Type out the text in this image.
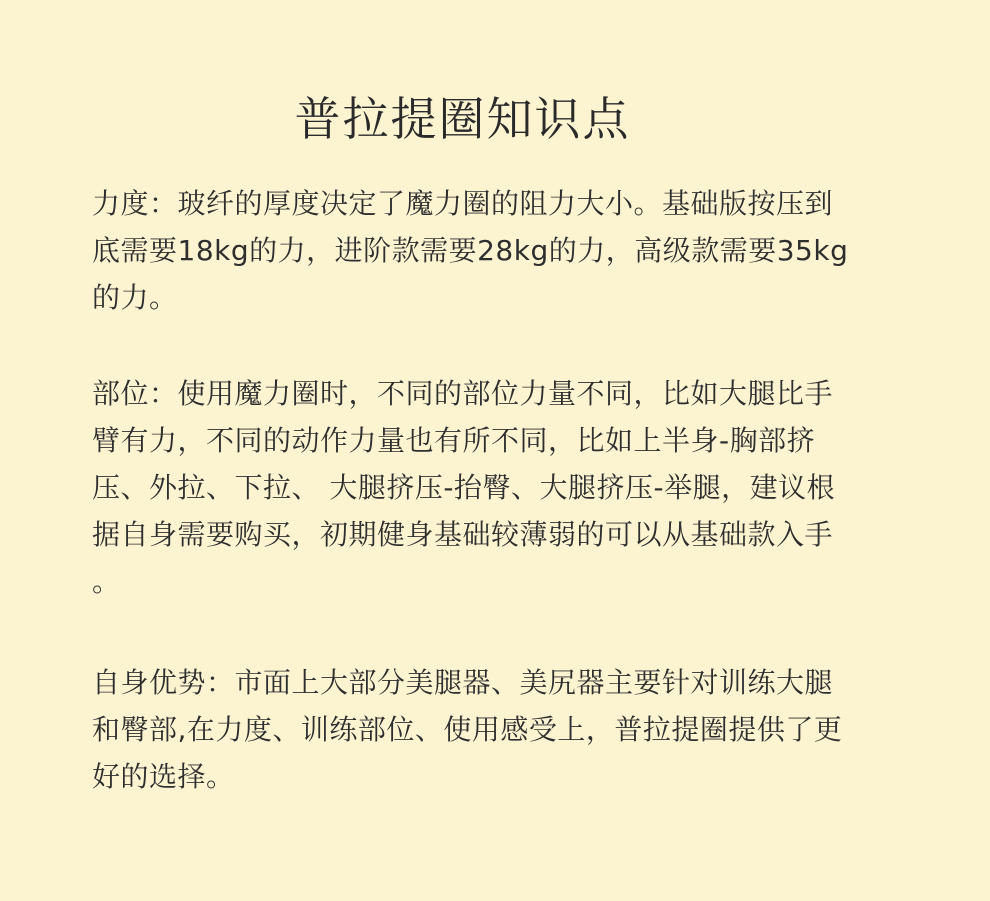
普拉提圈知识点
力度：玻纤的厚度决定了魔力圈的阻力大小。基础版按压到
底需要18kg的力，进阶款需要28kg的力，高级款需要35kg
的力。
部位：使用魔力圈时，不同的部位力量不同，比如大腿比手
臂有力，不同的动作力量也有所不同，比如上半身-胸部挤
压、外拉、下拉、 大腿挤压-抬臀、大腿挤压-举腿，建议根
据自身需要购买，初期健身基础较薄弱的可以从基础款入手
。
自身优势：市面上大部分美腿器、美尻器主要针对训练大腿
和臀部,在力度、训练部位、使用感受上，普拉提圈提供了更
好的选择。
